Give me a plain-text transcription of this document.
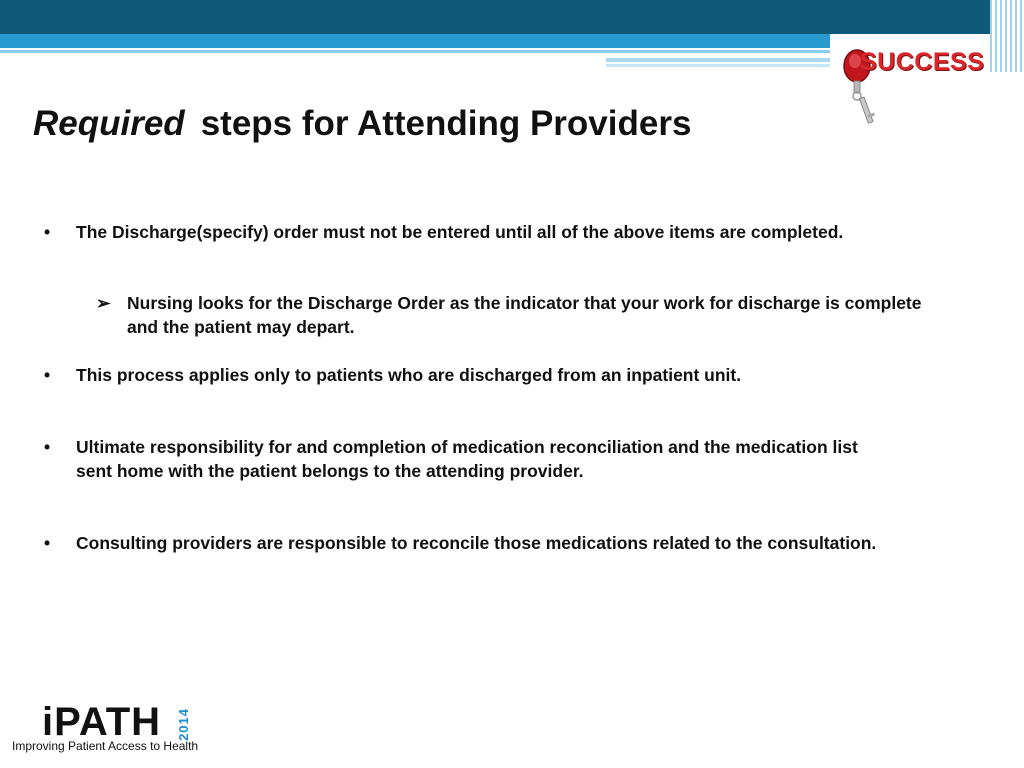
SUCCESS
Required steps for Attending Providers
•	The Discharge(specify) order must not be entered until all of the above items are completed.
➢ Nursing looks for the Discharge Order as the indicator that your work for discharge is complete and the patient may depart.
•	This process applies only to patients who are discharged from an inpatient unit.
•	Ultimate responsibility for and completion of medication reconciliation and the medication list sent home with the patient belongs to the attending provider.
•	Consulting providers are responsible to reconcile those medications related to the consultation.
iPATH 2014
Improving Patient Access to Health
